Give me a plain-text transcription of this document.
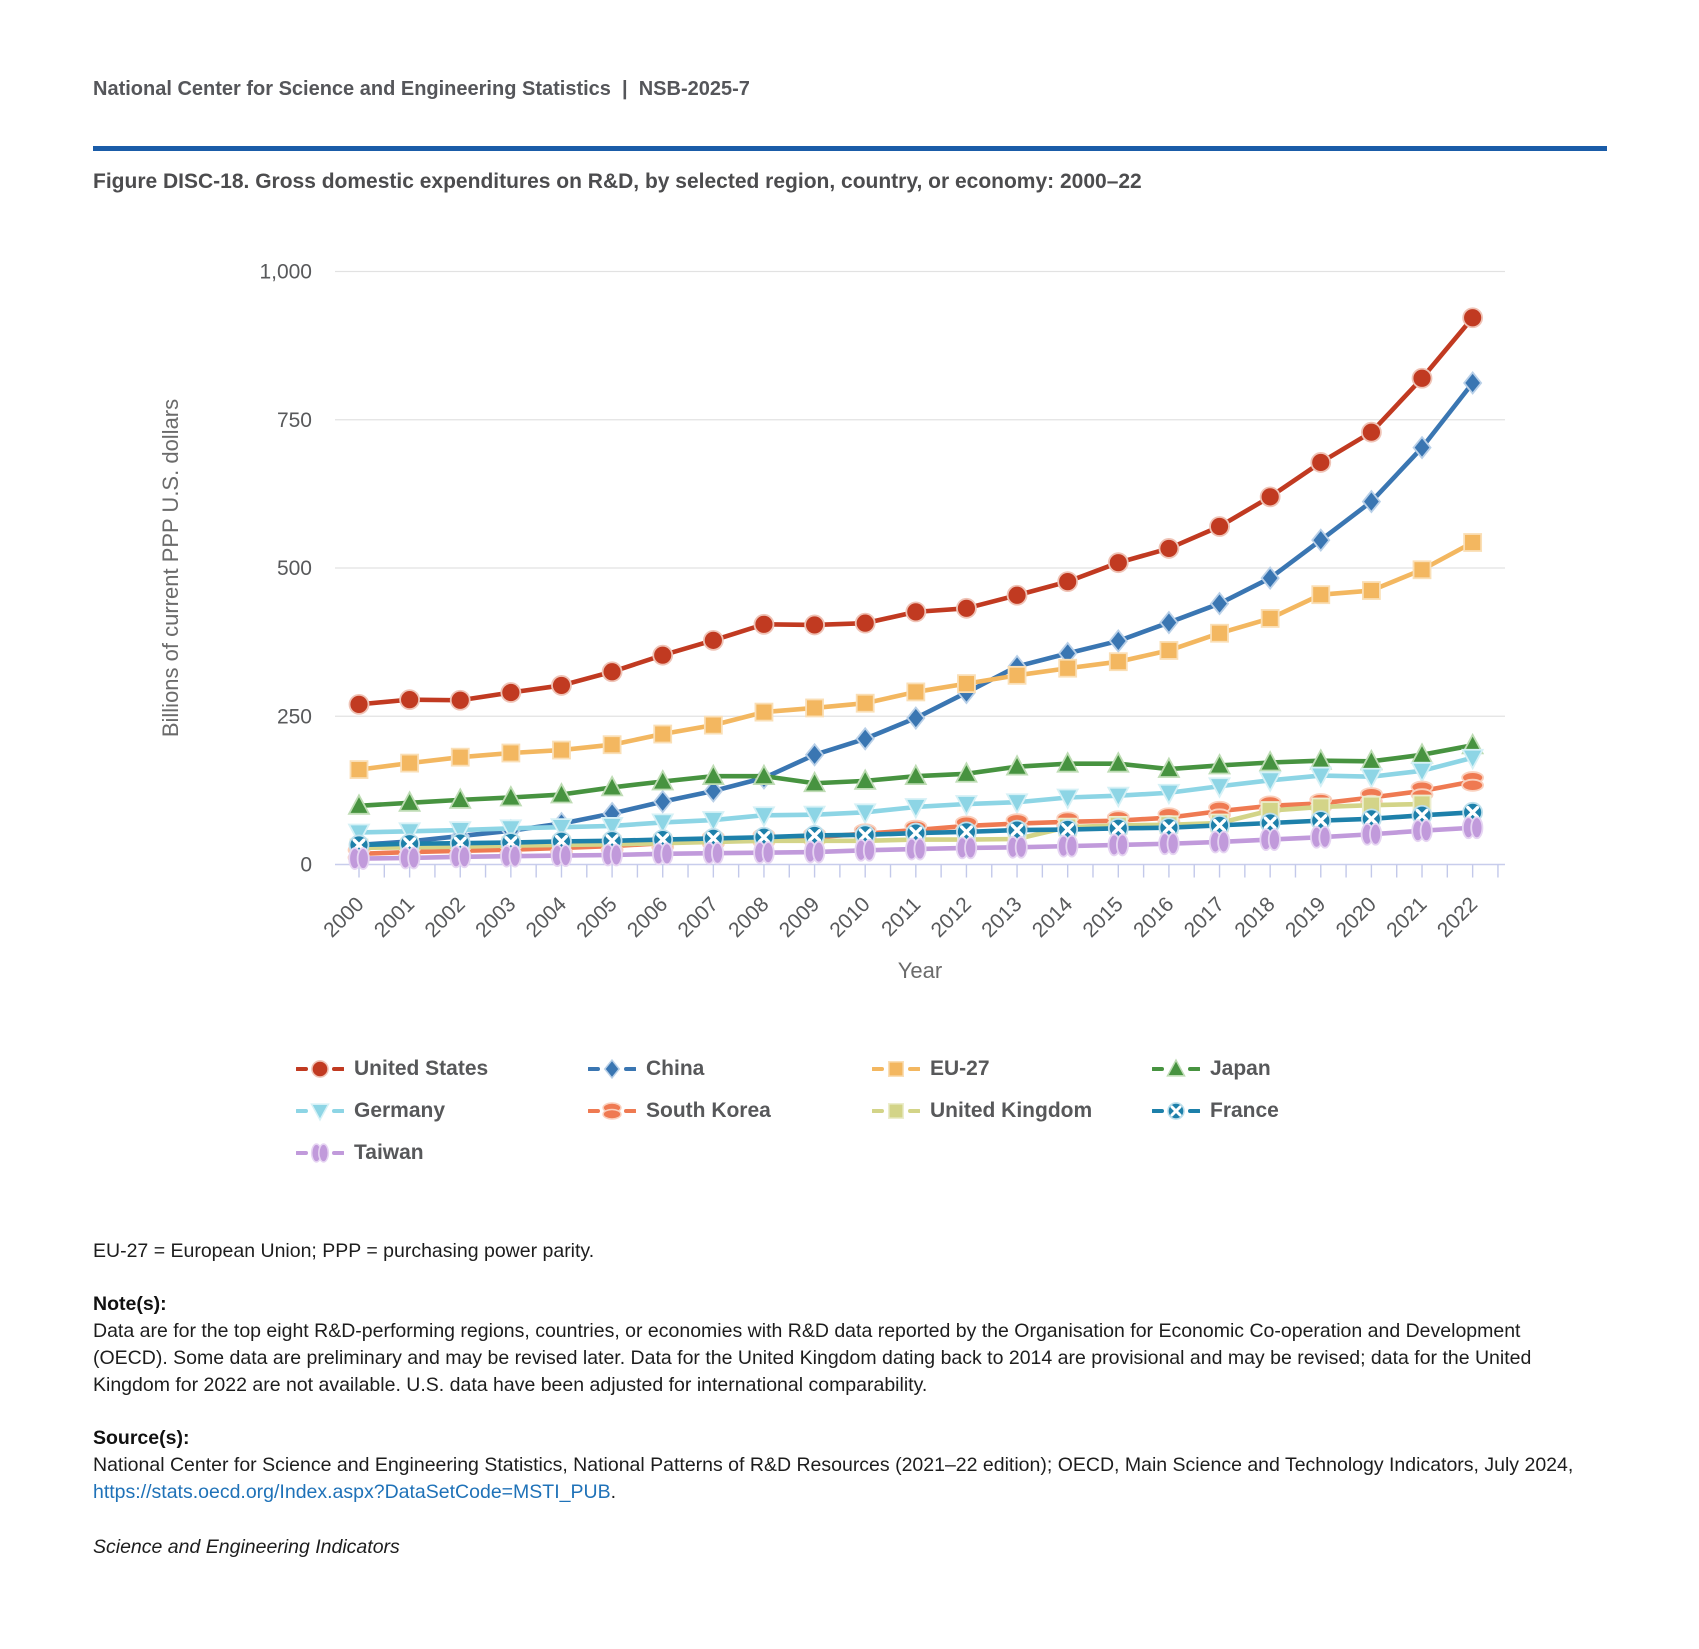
National Center for Science and Engineering Statistics  |  NSB-2025-7
Figure DISC-18. Gross domestic expenditures on R&D, by selected region, country, or economy: 2000–22
0
250
500
750
1,000
Billions of current PPP U.S. dollars
2000 2001 2002 2003 2004 2005 2006 2007 2008 2009 2010 2011 2012 2013 2014 2015 2016 2017 2018 2019 2020 2021 2022
Year
United States	China	EU-27	Japan
Germany	South Korea	United Kingdom	France
Taiwan

EU-27 = European Union; PPP = purchasing power parity.

Note(s):

Data are for the top eight R&D-performing regions, countries, or economies with R&D data reported by the Organisation for Economic Co-operation and Development (OECD). Some data are preliminary and may be revised later. Data for the United Kingdom dating back to 2014 are provisional and may be revised; data for the United Kingdom for 2022 are not available. U.S. data have been adjusted for international comparability.

Source(s):

National Center for Science and Engineering Statistics, National Patterns of R&D Resources (2021–22 edition); OECD, Main Science and Technology Indicators, July 2024, https://stats.oecd.org/Index.aspx?DataSetCode=MSTI_PUB.

Science and Engineering Indicators
